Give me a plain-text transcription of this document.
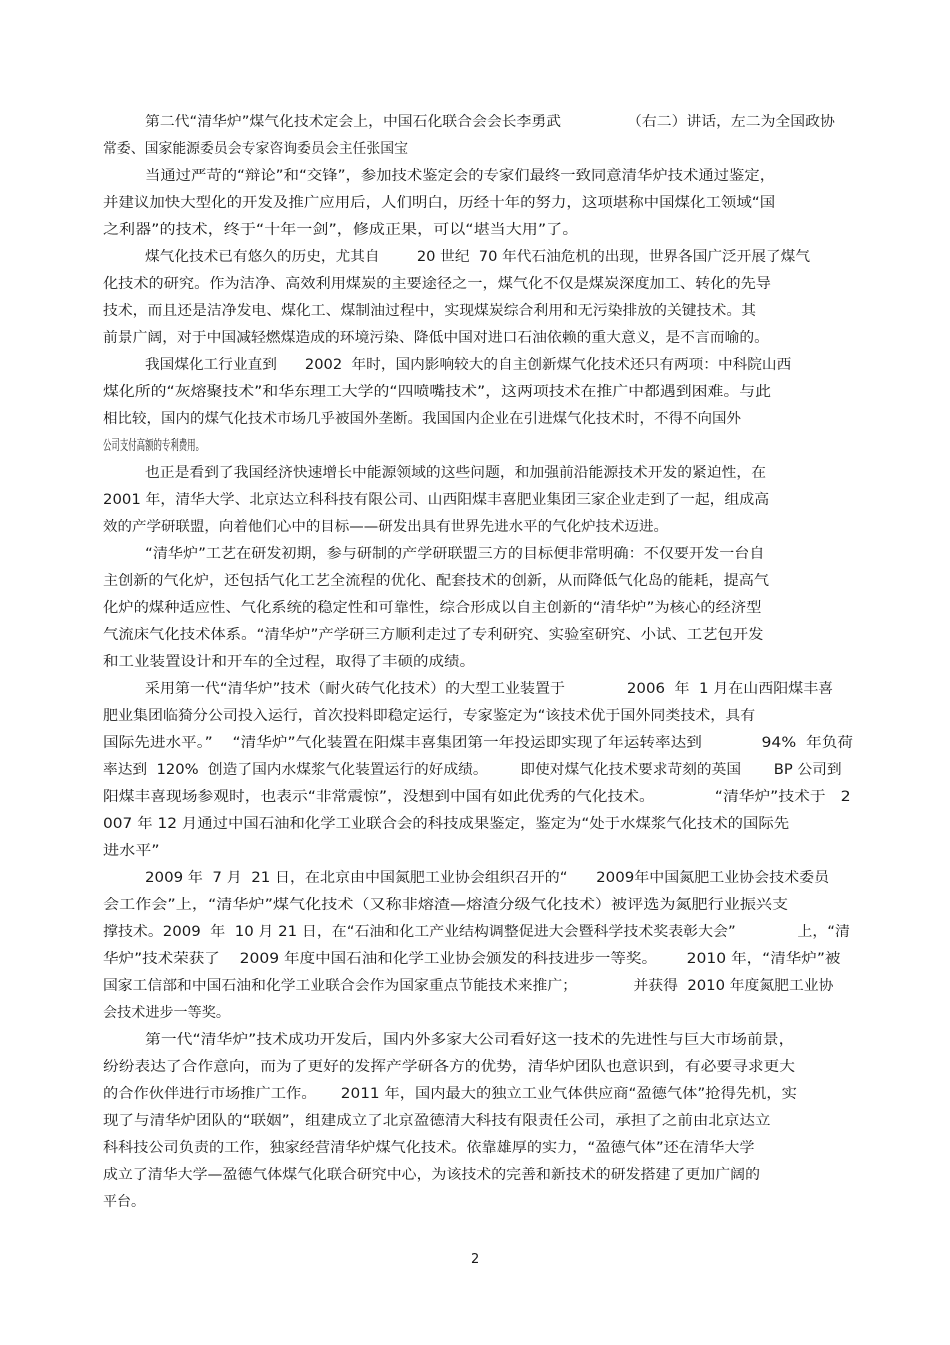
第二代“清华炉”煤气化技术定会上，中国石化联合会会长李勇武              （右二）讲话，左二为全国政协
常委、国家能源委员会专家咨询委员会主任张国宝
当通过严苛的“辩论”和“交锋”，参加技术鉴定会的专家们最终一致同意清华炉技术通过鉴定，
并建议加快大型化的开发及推广应用后，人们明白，历经十年的努力，这项堪称中国煤化工领域“国
之利器”的技术，终于“十年一剑”，修成正果，可以“堪当大用”了。
煤气化技术已有悠久的历史，尤其自        20 世纪  70 年代石油危机的出现，世界各国广泛开展了煤气
化技术的研究。作为洁净、高效利用煤炭的主要途径之一，煤气化不仅是煤炭深度加工、转化的先导
技术，而且还是洁净发电、煤化工、煤制油过程中，实现煤炭综合利用和无污染排放的关键技术。其
前景广阔，对于中国减轻燃煤造成的环境污染、降低中国对进口石油依赖的重大意义，是不言而喻的。
我国煤化工行业直到      2002  年时，国内影响较大的自主创新煤气化技术还只有两项：中科院山西
煤化所的“灰熔聚技术”和华东理工大学的“四喷嘴技术”，这两项技术在推广中都遇到困难。与此
相比较，国内的煤气化技术市场几乎被国外垄断。我国国内企业在引进煤气化技术时，不得不向国外
公司支付高额的专利费用。
也正是看到了我国经济快速增长中能源领域的这些问题，和加强前沿能源技术开发的紧迫性，在
2001 年，清华大学、北京达立科科技有限公司、山西阳煤丰喜肥业集团三家企业走到了一起，组成高
效的产学研联盟，向着他们心中的目标——研发出具有世界先进水平的气化炉技术迈进。
“清华炉”工艺在研发初期，参与研制的产学研联盟三方的目标便非常明确：不仅要开发一台自
主创新的气化炉，还包括气化工艺全流程的优化、配套技术的创新，从而降低气化岛的能耗，提高气
化炉的煤种适应性、气化系统的稳定性和可靠性，综合形成以自主创新的“清华炉”为核心的经济型
气流床气化技术体系。“清华炉”产学研三方顺利走过了专利研究、实验室研究、小试、工艺包开发
和工业装置设计和开车的全过程，取得了丰硕的成绩。
采用第一代“清华炉”技术（耐火砖气化技术）的大型工业装置于             2006  年  1 月在山西阳煤丰喜
肥业集团临猗分公司投入运行，首次投料即稳定运行，专家鉴定为“该技术优于国外同类技术，具有
国际先进水平。”    “清华炉”气化装置在阳煤丰喜集团第一年投运即实现了年运转率达到            94%  年负荷
率达到  120%  创造了国内水煤浆气化装置运行的好成绩。       即使对煤气化技术要求苛刻的英国       BP 公司到
阳煤丰喜现场参观时，也表示“非常震惊”，没想到中国有如此优秀的气化技术。            “清华炉”技术于   2
007 年 12 月通过中国石油和化学工业联合会的科技成果鉴定，鉴定为“处于水煤浆气化技术的国际先
进水平”
2009 年  7 月  21 日，在北京由中国氮肥工业协会组织召开的“      2009年中国氮肥工业协会技术委员
会工作会”上，“清华炉”煤气化技术（又称非熔渣—熔渣分级气化技术）被评选为氮肥行业振兴支
撑技术。2009  年  10 月 21 日，在“石油和化工产业结构调整促进大会暨科学技术奖表彰大会”             上，“清
华炉”技术荣获了    2009 年度中国石油和化学工业协会颁发的科技进步一等奖。      2010 年，“清华炉”被
国家工信部和中国石油和化学工业联合会作为国家重点节能技术来推广；            并获得  2010 年度氮肥工业协
会技术进步一等奖。
第一代“清华炉”技术成功开发后，国内外多家大公司看好这一技术的先进性与巨大市场前景，
纷纷表达了合作意向，而为了更好的发挥产学研各方的优势，清华炉团队也意识到，有必要寻求更大
的合作伙伴进行市场推广工作。     2011 年，国内最大的独立工业气体供应商“盈德气体”抢得先机，实
现了与清华炉团队的“联姻”，组建成立了北京盈德清大科技有限责任公司，承担了之前由北京达立
科科技公司负责的工作，独家经营清华炉煤气化技术。依靠雄厚的实力，“盈德气体”还在清华大学
成立了清华大学—盈德气体煤气化联合研究中心，为该技术的完善和新技术的研发搭建了更加广阔的
平台。
2
